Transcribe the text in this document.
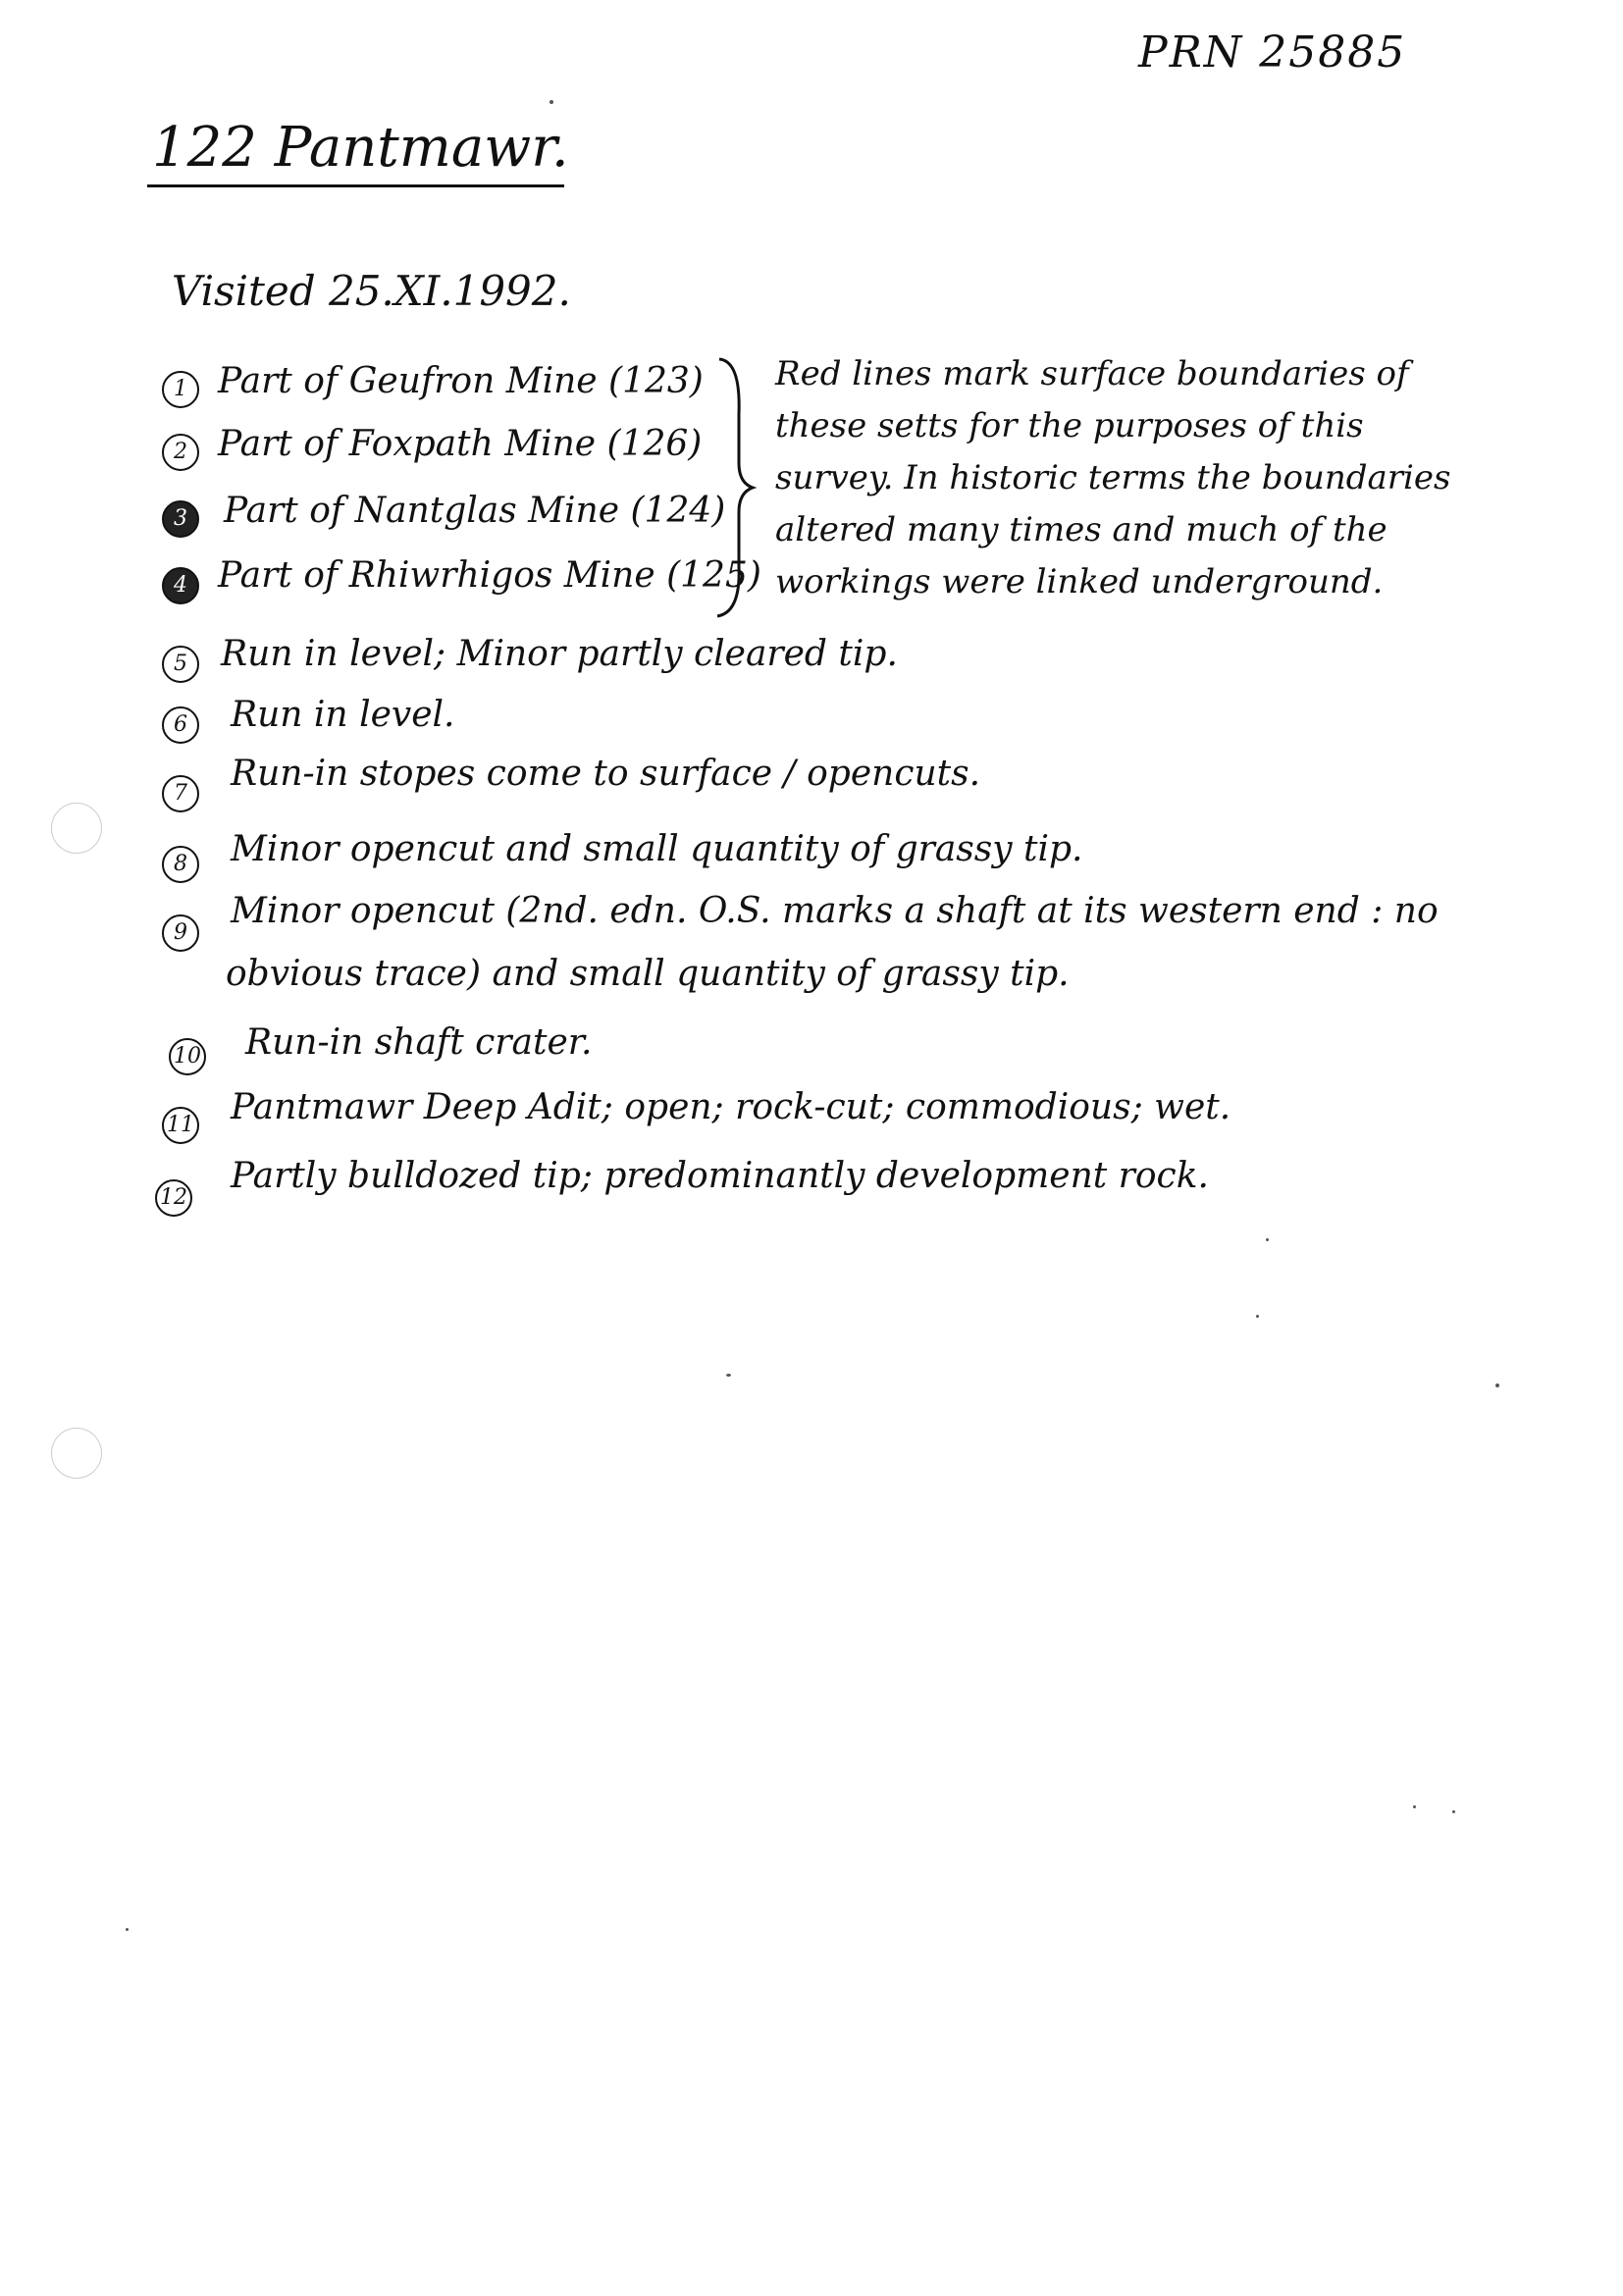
PRN 25885
122 Pantmawr.
Visited 25.XI.1992.
1 Part of Geufron Mine (123)
2 Part of Foxpath Mine (126)
3	Part of Nantglas Mine (124)
4 Part of Rhiwrhigos Mine (125)
Red lines mark surface boundaries of these setts for the purposes of this survey. In historic terms the boundaries altered many times and much of the workings were linked underground.
5 Run in level; Minor partly cleared tip.
6	Run in level.
7	Run-in stopes come to surface / opencuts.
8	Minor opencut and small quantity of grassy tip.
9
Minor opencut (2nd. edn. O.S. marks a shaft at its western end : no
obvious trace) and small quantity of grassy tip.
10 Run-in shaft crater.
11 Pantmawr Deep Adit; open; rock-cut; commodious; wet.
12
Partly bulldozed tip; predominantly development rock.
